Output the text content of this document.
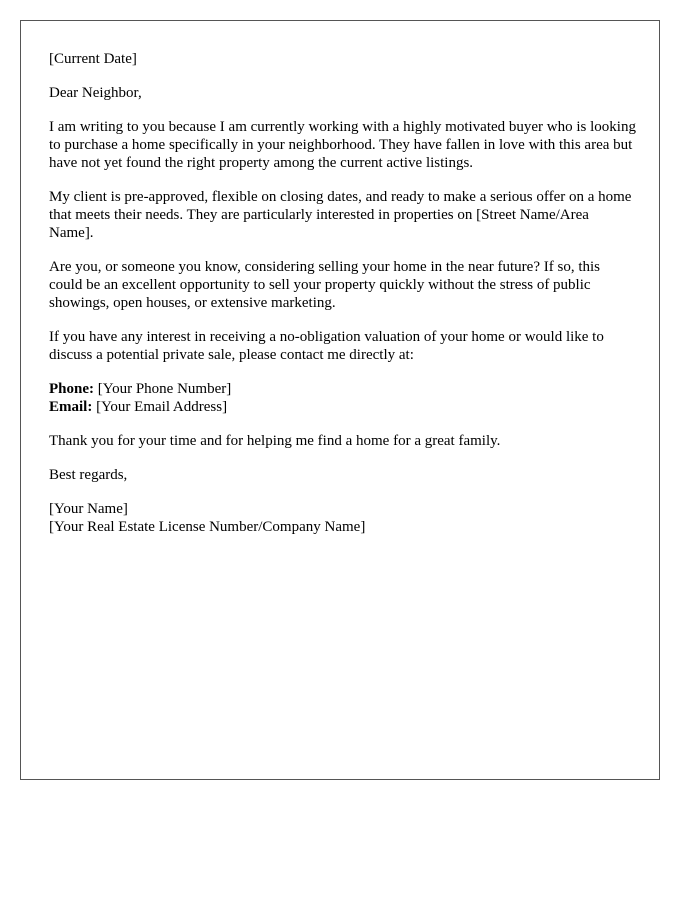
[Current Date]

Dear Neighbor,

I am writing to you because I am currently working with a highly motivated buyer who is looking to purchase a home specifically in your neighborhood. They have fallen in love with this area but have not yet found the right property among the current active listings.

My client is pre-approved, flexible on closing dates, and ready to make a serious offer on a home that meets their needs. They are particularly interested in properties on [Street Name/Area Name].

Are you, or someone you know, considering selling your home in the near future? If so, this could be an excellent opportunity to sell your property quickly without the stress of public showings, open houses, or extensive marketing.

If you have any interest in receiving a no-obligation valuation of your home or would like to discuss a potential private sale, please contact me directly at:

Phone: [Your Phone Number]
Email: [Your Email Address]

Thank you for your time and for helping me find a home for a great family.

Best regards,

[Your Name]
[Your Real Estate License Number/Company Name]
